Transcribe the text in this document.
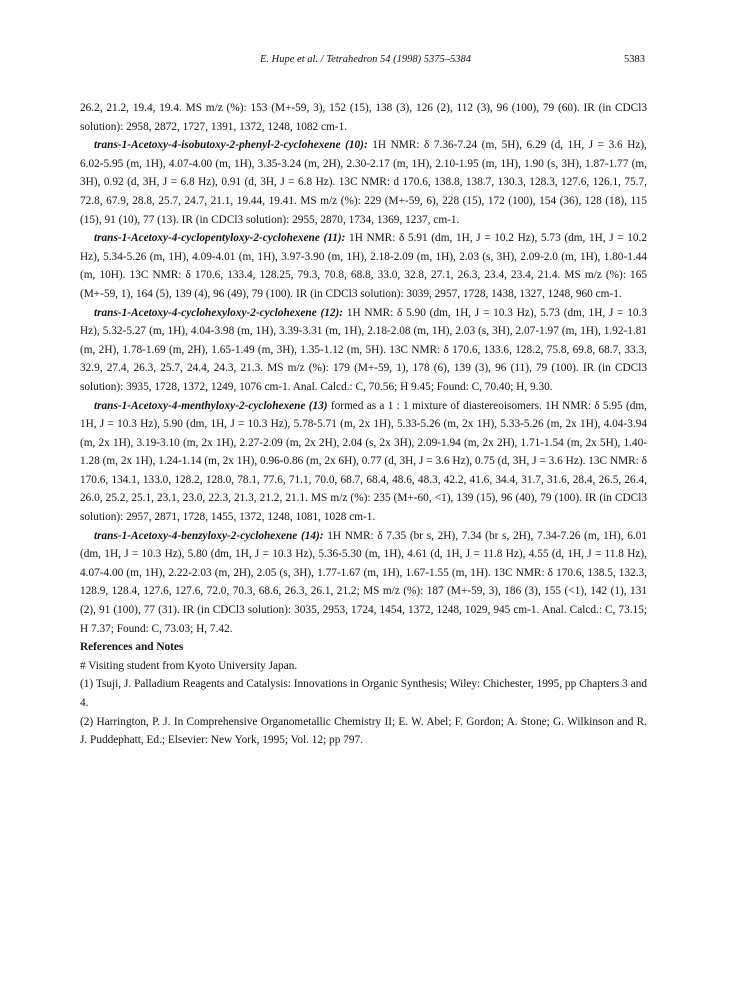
E. Hupe et al. / Tetrahedron 54 (1998) 5375–5384	5383

26.2, 21.2, 19.4, 19.4. MS m/z (%): 153 (M+-59, 3), 152 (15), 138 (3), 126 (2), 112 (3), 96 (100), 79 (60). IR (in CDCl3 solution): 2958, 2872, 1727, 1391, 1372, 1248, 1082 cm-1.

trans-1-Acetoxy-4-isobutoxy-2-phenyl-2-cyclohexene (10): 1H NMR: δ 7.36-7.24 (m, 5H), 6.29 (d, 1H, J = 3.6 Hz), 6.02-5.95 (m, 1H), 4.07-4.00 (m, 1H), 3.35-3.24 (m, 2H), 2.30-2.17 (m, 1H), 2.10-1.95 (m, 1H), 1.90 (s, 3H), 1.87-1.77 (m, 3H), 0.92 (d, 3H, J = 6.8 Hz), 0.91 (d, 3H, J = 6.8 Hz). 13C NMR: d 170.6, 138.8, 138.7, 130.3, 128.3, 127.6, 126.1, 75.7, 72.8, 67.9, 28.8, 25.7, 24.7, 21.1, 19.44, 19.41. MS m/z (%): 229 (M+-59, 6), 228 (15), 172 (100), 154 (36), 128 (18), 115 (15), 91 (10), 77 (13). IR (in CDCl3 solution): 2955, 2870, 1734, 1369, 1237, cm-1.

trans-1-Acetoxy-4-cyclopentyloxy-2-cyclohexene (11): 1H NMR: δ 5.91 (dm, 1H, J = 10.2 Hz), 5.73 (dm, 1H, J = 10.2 Hz), 5.34-5.26 (m, 1H), 4.09-4.01 (m, 1H), 3.97-3.90 (m, 1H), 2.18-2.09 (m, 1H), 2.03 (s, 3H), 2.09-2.0 (m, 1H), 1.80-1.44 (m, 10H). 13C NMR: δ 170.6, 133.4, 128.25, 79.3, 70.8, 68.8, 33.0, 32.8, 27.1, 26.3, 23.4, 23.4, 21.4. MS m/z (%): 165 (M+-59, 1), 164 (5), 139 (4), 96 (49), 79 (100). IR (in CDCl3 solution): 3039, 2957, 1728, 1438, 1327, 1248, 960 cm-1.

trans-1-Acetoxy-4-cyclohexyloxy-2-cyclohexene (12): 1H NMR: δ 5.90 (dm, 1H, J = 10.3 Hz), 5.73 (dm, 1H, J = 10.3 Hz), 5.32-5.27 (m, 1H), 4.04-3.98 (m, 1H), 3.39-3.31 (m, 1H), 2.18-2.08 (m, 1H), 2.03 (s, 3H), 2.07-1.97 (m, 1H), 1.92-1.81 (m, 2H), 1.78-1.69 (m, 2H), 1.65-1.49 (m, 3H), 1.35-1.12 (m, 5H). 13C NMR: δ 170.6, 133.6, 128.2, 75.8, 69.8, 68.7, 33.3, 32.9, 27.4, 26.3, 25.7, 24.4, 24.3, 21.3. MS m/z (%): 179 (M+-59, 1), 178 (6), 139 (3), 96 (11), 79 (100). IR (in CDCl3 solution): 3935, 1728, 1372, 1249, 1076 cm-1. Anal. Calcd.: C, 70.56; H 9.45; Found: C, 70.40; H, 9.30.

trans-1-Acetoxy-4-menthyloxy-2-cyclohexene (13) formed as a 1 : 1 mixture of diastereoisomers. 1H NMR: δ 5.95 (dm, 1H, J = 10.3 Hz), 5.90 (dm, 1H, J = 10.3 Hz), 5.78-5.71 (m, 2x 1H), 5.33-5.26 (m, 2x 1H), 5.33-5.26 (m, 2x 1H), 4.04-3.94 (m, 2x 1H), 3.19-3.10 (m, 2x 1H), 2.27-2.09 (m, 2x 2H), 2.04 (s, 2x 3H), 2.09-1.94 (m, 2x 2H), 1.71-1.54 (m, 2x 5H), 1.40-1.28 (m, 2x 1H), 1.24-1.14 (m, 2x 1H), 0.96-0.86 (m, 2x 6H), 0.77 (d, 3H, J = 3.6 Hz), 0.75 (d, 3H, J = 3.6 Hz). 13C NMR: δ 170.6, 134.1, 133.0, 128.2, 128.0, 78.1, 77.6, 71.1, 70.0, 68.7, 68.4, 48.6, 48.3, 42.2, 41.6, 34.4, 31.7, 31.6, 28.4, 26.5, 26.4, 26.0, 25.2, 25.1, 23.1, 23.0, 22.3, 21.3, 21.2, 21.1. MS m/z (%): 235 (M+-60, <1), 139 (15), 96 (40), 79 (100). IR (in CDCl3 solution): 2957, 2871, 1728, 1455, 1372, 1248, 1081, 1028 cm-1.

trans-1-Acetoxy-4-benzyloxy-2-cyclohexene (14): 1H NMR: δ 7.35 (br s, 2H), 7.34 (br s, 2H), 7.34-7.26 (m, 1H), 6.01 (dm, 1H, J = 10.3 Hz), 5.80 (dm, 1H, J = 10.3 Hz), 5.36-5.30 (m, 1H), 4.61 (d, 1H, J = 11.8 Hz), 4.55 (d, 1H, J = 11.8 Hz), 4.07-4.00 (m, 1H), 2.22-2.03 (m, 2H), 2.05 (s, 3H), 1.77-1.67 (m, 1H), 1.67-1.55 (m, 1H). 13C NMR: δ 170.6, 138.5, 132.3, 128.9, 128.4, 127.6, 127.6, 72.0, 70.3, 68.6, 26.3, 26.1, 21.2; MS m/z (%): 187 (M+-59, 3), 186 (3), 155 (<1), 142 (1), 131 (2), 91 (100), 77 (31). IR (in CDCl3 solution): 3035, 2953, 1724, 1454, 1372, 1248, 1029, 945 cm-1. Anal. Calcd.: C, 73.15; H 7.37; Found: C, 73.03; H, 7.42.

References and Notes

# Visiting student from Kyoto University Japan.

(1) Tsuji, J. Palladium Reagents and Catalysis: Innovations in Organic Synthesis; Wiley: Chichester, 1995, pp Chapters 3 and 4.

(2) Harrington, P. J. In Comprehensive Organometallic Chemistry II; E. W. Abel; F. Gordon; A. Stone; G. Wilkinson and R. J. Puddephatt, Ed.; Elsevier: New York, 1995; Vol. 12; pp 797.
